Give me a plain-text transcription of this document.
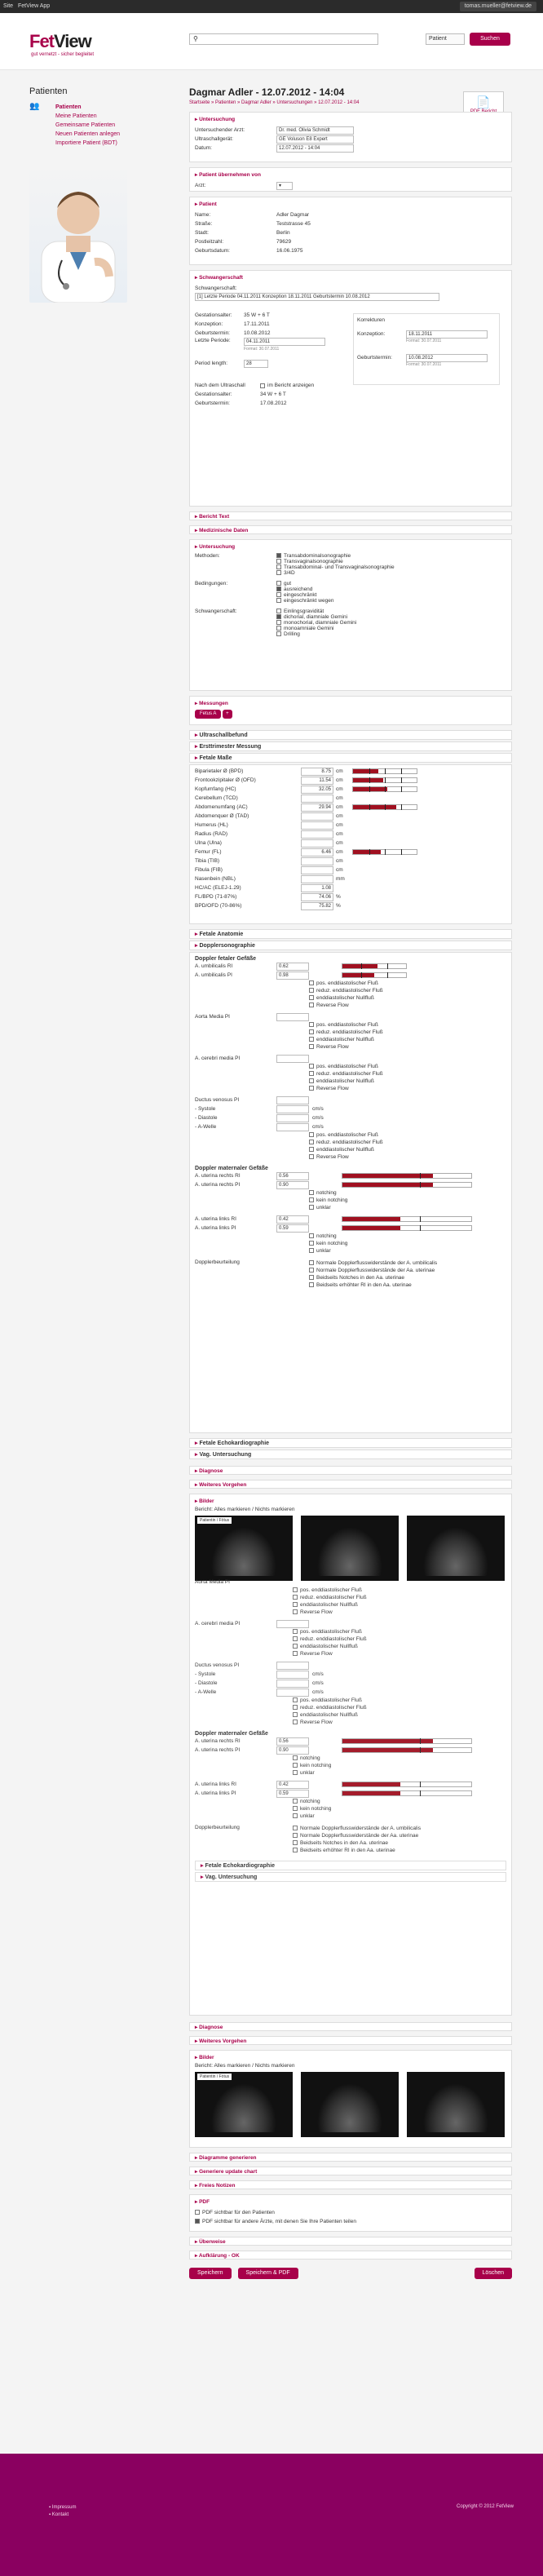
Site FetView App	tomas.mueller@fetview.de
FetView
gut vernetzt - sicher begleitet
⚲	Patient	Suchen
Patienten
👥	Patienten
Meine Patienten
Gemeinsame Patienten
Neuen Patienten anlegen
Importiere Patient (BDT)
📄
Dagmar Adler - 12.07.2012 - 14:04
Startseite » Patienten » Dagmar Adler » Untersuchungen » 12.07.2012 - 14:04
▸ Untersuchung
Untersuchender Arzt:	Dr. med. Olivia Schmidt
Ultraschallgerät:	GE Voluson E8 Expert
Datum:	12.07.2012 - 14:04
▸ Patient übernehmen von
Arzt:	▾
▸ Patient
Name:	Adler Dagmar
Straße:	Teststrasse 45
Stadt:	Berlin
Postleitzahl:	79629
Geburtsdatum:	16.06.1975
▸ Schwangerschaft
Schwangerschaft:
[1] Letzte Periode 04.11.2011 Konzeption 18.11.2011 Geburtstermin 10.08.2012
Gestationsalter:	35 W + 6 T
Konzeption:	17.11.2011
Geburtstermin:	10.08.2012
Letzte Periode:	04.11.2011
Format: 30.07.2011
Period length:	28
Korrekturen
Konzeption:	18.11.2011
Format: 30.07.2011
Geburtstermin:	10.08.2012
Format: 30.07.2011
Nach dem Ultraschall	im Bericht anzeigen
Gestationsalter:	34 W + 6 T
Geburtstermin:	17.08.2012
▸ Bericht Text
▸ Medizinische Daten
▸ Untersuchung
Methoden:	Transabdominalsonographie
Transvaginalsonographie
Transabdominal- und Transvaginalsonographie
3/4D
Bedingungen:	gut
ausreichend
eingeschränkt
eingeschränkt wegen
Schwangerschaft:	Einlingsgravidität
dichorial, diamniale Gemini
monochorial, diamniale Gemini
monoamniale Gemini
Drilling
▸ Messungen
Fetus A +
▸ Ultraschallbefund
▸ Ersttrimester Messung
▸ Fetale Maße
Biparietaler Ø (BPD)	8.75 cm
Frontookzipitaler Ø (OFD)	11.54 cm
Kopfumfang (HC)	32.05 cm
Cerebellum (TCD)	cm
Abdomenumfang (AC)	29.94 cm
Abdomenquer Ø (TAD)	cm
Humerus (HL)	cm
Radius (RAD)	cm
Ulna (Ulna)	cm
Femur (FL)	6.46 cm
Tibia (TIB)	cm
Fibula (FIB)	cm
Nasenbein (NBL)	mm
HC/AC (ELEJ-1.29)	1.08
FL/BPD (71-87%)	74.06 %
BPD/OFD (70-86%)	75.82 %
▸ Fetale Anatomie
▸ Dopplersonographie
Doppler fetaler Gefäße
A. umbilicalis RI	0.62
A. umbilicalis PI	0.98
pos. enddiastolischer Fluß
reduz. enddiastolischer Fluß
enddiastolischer Nullfluß
Reverse Flow
Aorta Media PI
pos. enddiastolischer Fluß
reduz. enddiastolischer Fluß
enddiastolischer Nullfluß
Reverse Flow
A. cerebri media PI
pos. enddiastolischer Fluß
reduz. enddiastolischer Fluß
enddiastolischer Nullfluß
Reverse Flow
Ductus venosus PI
- Systole	cm/s
- Diastole	cm/s
- A-Welle	cm/s
pos. enddiastolischer Fluß
reduz. enddiastolischer Fluß
enddiastolischer Nullfluß
Reverse Flow
Doppler maternaler Gefäße
A. uterina rechts RI	0.56
A. uterina rechts PI	0.90
notching
kein notching
unklar
A. uterina links RI	0.42
A. uterina links PI	0.59
notching
kein notching
unklar
Dopplerbeurteilung	Normale Dopplerflusswiderstände der A. umbilicalis
Normale Dopplerflusswiderstände der Aa. uterinae
Beidseits Notches in den Aa. uterinae
Beidseits erhöhter RI in den Aa. uterinae
▸ Fetale Echokardiographie
▸ Vag. Untersuchung
▸ Diagnose
▸ Weiteres Vorgehen
▸ Bilder
Bericht: Alles markieren / Nichts markieren
Patientin / Fötus
Aorta Media PI
pos. enddiastolischer Fluß
reduz. enddiastolischer Fluß
enddiastolischer Nullfluß
Reverse Flow
A. cerebri media PI
pos. enddiastolischer Fluß
reduz. enddiastolischer Fluß
enddiastolischer Nullfluß
Reverse Flow
Ductus venosus PI
- Systole	cm/s
- Diastole	cm/s
- A-Welle	cm/s
pos. enddiastolischer Fluß
reduz. enddiastolischer Fluß
enddiastolischer Nullfluß
Reverse Flow
Doppler maternaler Gefäße
A. uterina rechts RI	0.56
A. uterina rechts PI	0.90
notching
kein notching
unklar
A. uterina links RI	0.42
A. uterina links PI	0.59
notching
kein notching
unklar
Dopplerbeurteilung	Normale Dopplerflusswiderstände der A. umbilicalis
Normale Dopplerflusswiderstände der Aa. uterinae
Beidseits Notches in den Aa. uterinae
Beidseits erhöhter RI in den Aa. uterinae
▸ Fetale Echokardiographie
▸ Vag. Untersuchung
▸ Diagnose
▸ Weiteres Vorgehen
▸ Bilder
Bericht: Alles markieren / Nichts markieren
Patientin / Fötus
▸ Diagramme generieren
▸ Generiere update chart
▸ Freies Notizen
▸ PDF
PDF sichtbar für den Patienten
PDF sichtbar für andere Ärzte, mit denen Sie Ihre Patienten teilen
▸ Überweise
▸ Aufklärung - OK
Speichern	Speichern & PDF	Löschen
▪ Impressum
▪ Kontakt
Copyright © 2012 FetView
